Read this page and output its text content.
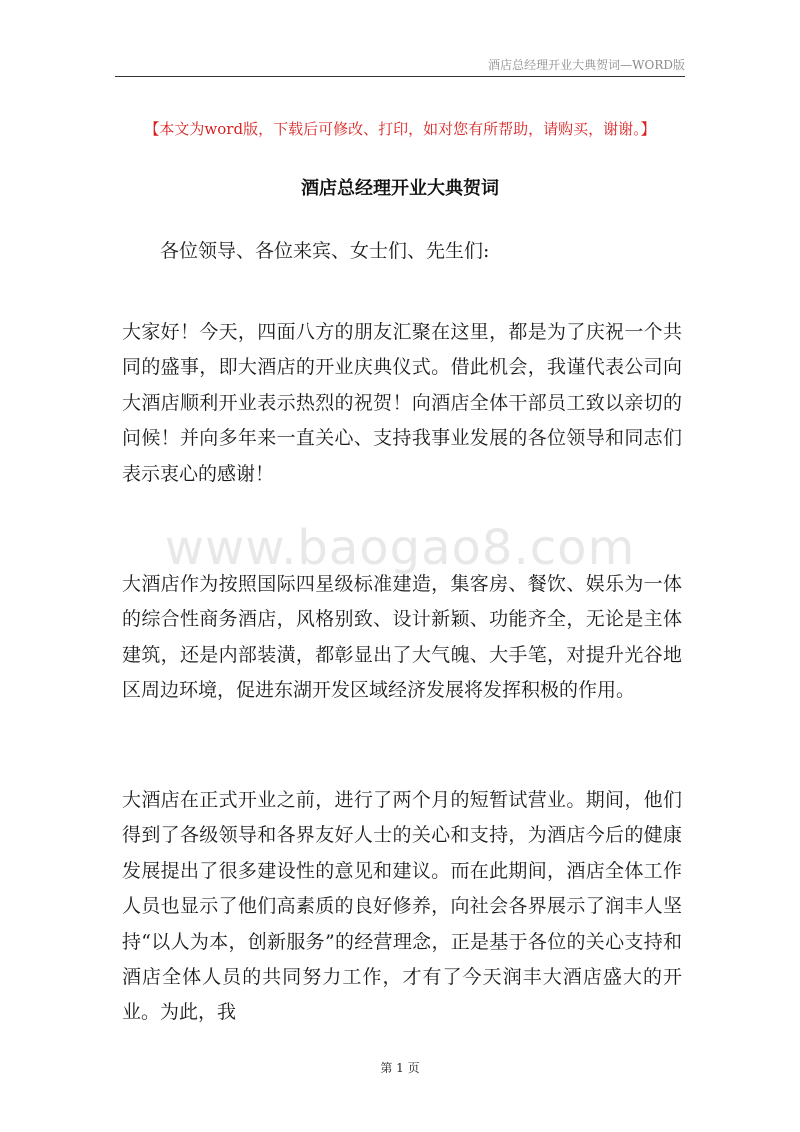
酒店总经理开业大典贺词—WORD版
【本文为word版，下载后可修改、打印，如对您有所帮助，请购买，谢谢。】
酒店总经理开业大典贺词
各位领导、各位来宾、女士们、先生们:

大家好！今天，四面八方的朋友汇聚在这里，都是为了庆祝一个共同的盛事，即大酒店的开业庆典仪式。借此机会，我谨代表公司向大酒店顺利开业表示热烈的祝贺！向酒店全体干部员工致以亲切的问候！并向多年来一直关心、支持我事业发展的各位领导和同志们表示衷心的感谢！

www.baogao8.com

大酒店作为按照国际四星级标准建造，集客房、餐饮、娱乐为一体的综合性商务酒店，风格别致、设计新颖、功能齐全，无论是主体建筑，还是内部装潢，都彰显出了大气魄、大手笔，对提升光谷地区周边环境，促进东湖开发区域经济发展将发挥积极的作用。

大酒店在正式开业之前，进行了两个月的短暂试营业。期间，他们得到了各级领导和各界友好人士的关心和支持，为酒店今后的健康发展提出了很多建设性的意见和建议。而在此期间，酒店全体工作人员也显示了他们高素质的良好修养，向社会各界展示了润丰人坚持“以人为本，创新服务”的经营理念，正是基于各位的关心支持和酒店全体人员的共同努力工作，才有了今天润丰大酒店盛大的开业。为此，我

第 1 页
